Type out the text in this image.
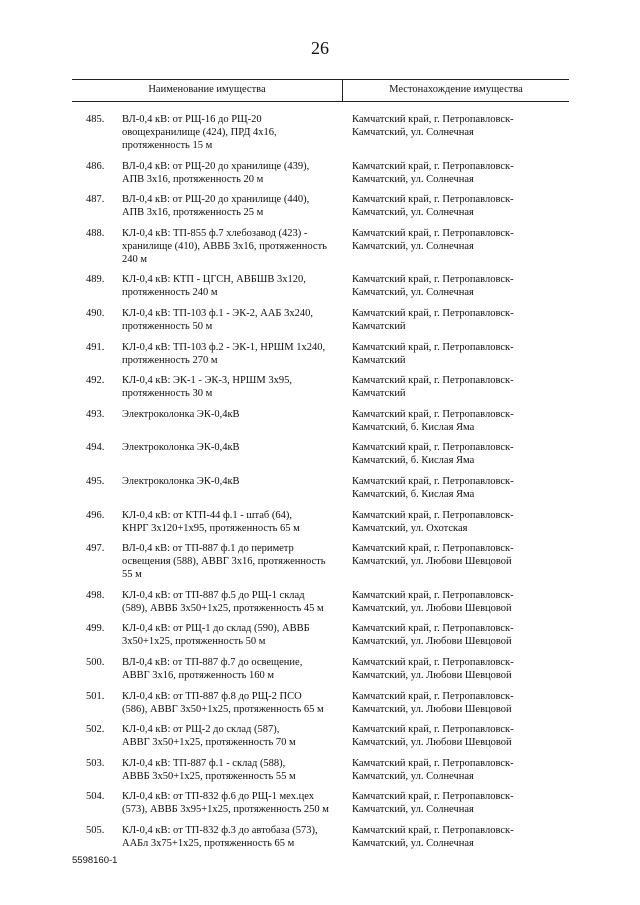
26
Наименование имущества	Местонахождение имущества
485.	ВЛ-0,4 кВ: от РЩ-16 до РЩ-20
овощехранилище (424), ПРД 4х16,
протяженность 15 м
Камчатский край, г. Петропавловск-
Камчатский, ул. Солнечная
486.	ВЛ-0,4 кВ: от РЩ-20 до хранилище (439),
АПВ 3х16, протяженность 20 м
Камчатский край, г. Петропавловск-
Камчатский, ул. Солнечная
487.	ВЛ-0,4 кВ: от РЩ-20 до хранилище (440),
АПВ 3х16, протяженность 25 м
Камчатский край, г. Петропавловск-
Камчатский, ул. Солнечная
488.	КЛ-0,4 кВ: ТП-855 ф.7 хлебозавод (423) -
хранилище (410), АВВБ 3х16, протяженность
240 м
Камчатский край, г. Петропавловск-
Камчатский, ул. Солнечная
489.	КЛ-0,4 кВ: КТП - ЦГСН, АВБШВ 3х120,
протяженность 240 м
Камчатский край, г. Петропавловск-
Камчатский, ул. Солнечная
490.	КЛ-0,4 кВ: ТП-103 ф.1 - ЭК-2, ААБ 3х240,
протяженность 50 м
Камчатский край, г. Петропавловск-
Камчатский
491.	КЛ-0,4 кВ: ТП-103 ф.2 - ЭК-1, НРШМ 1х240,
протяженность 270 м
Камчатский край, г. Петропавловск-
Камчатский
492.	КЛ-0,4 кВ: ЭК-1 - ЭК-3, НРШМ 3х95,
протяженность 30 м
Камчатский край, г. Петропавловск-
Камчатский
493.	Электроколонка ЭК-0,4кВ	Камчатский край, г. Петропавловск-
Камчатский, б. Кислая Яма
494.	Электроколонка ЭК-0,4кВ	Камчатский край, г. Петропавловск-
Камчатский, б. Кислая Яма
495.	Электроколонка ЭК-0,4кВ	Камчатский край, г. Петропавловск-
Камчатский, б. Кислая Яма
496.	КЛ-0,4 кВ: от КТП-44 ф.1 - штаб (64),
КНРГ 3х120+1х95, протяженность 65 м
Камчатский край, г. Петропавловск-
Камчатский, ул. Охотская
497.	ВЛ-0,4 кВ: от ТП-887 ф.1 до периметр
освещения (588), АВВГ 3х16, протяженность
55 м
Камчатский край, г. Петропавловск-
Камчатский, ул. Любови Шевцовой
498.	КЛ-0,4 кВ: от ТП-887 ф.5 до РЩ-1 склад
(589), АВВБ 3х50+1х25, протяженность 45 м
Камчатский край, г. Петропавловск-
Камчатский, ул. Любови Шевцовой
499.	КЛ-0,4 кВ: от РЩ-1 до склад (590), АВВБ
3х50+1х25, протяженность 50 м
Камчатский край, г. Петропавловск-
Камчатский, ул. Любови Шевцовой
500.	ВЛ-0,4 кВ: от ТП-887 ф.7 до освещение,
АВВГ 3х16, протяженность 160 м
Камчатский край, г. Петропавловск-
Камчатский, ул. Любови Шевцовой
501.	КЛ-0,4 кВ: от ТП-887 ф.8 до РЩ-2 ПСО
(586), АВВГ 3х50+1х25, протяженность 65 м
Камчатский край, г. Петропавловск-
Камчатский, ул. Любови Шевцовой
502.	КЛ-0,4 кВ: от РЩ-2 до склад (587),
АВВГ 3х50+1х25, протяженность 70 м
Камчатский край, г. Петропавловск-
Камчатский, ул. Любови Шевцовой
503.	КЛ-0,4 кВ: ТП-887 ф.1 - склад (588),
АВВБ 3х50+1х25, протяженность 55 м
Камчатский край, г. Петропавловск-
Камчатский, ул. Солнечная
504.	КЛ-0,4 кВ: от ТП-832 ф.6 до РЩ-1 мех.цех
(573), АВВБ 3х95+1х25, протяженность 250 м
Камчатский край, г. Петропавловск-
Камчатский, ул. Солнечная
505.	КЛ-0,4 кВ: от ТП-832 ф.3 до автобаза (573),
ААБл 3х75+1х25, протяженность 65 м
Камчатский край, г. Петропавловск-
Камчатский, ул. Солнечная
5598160-1
